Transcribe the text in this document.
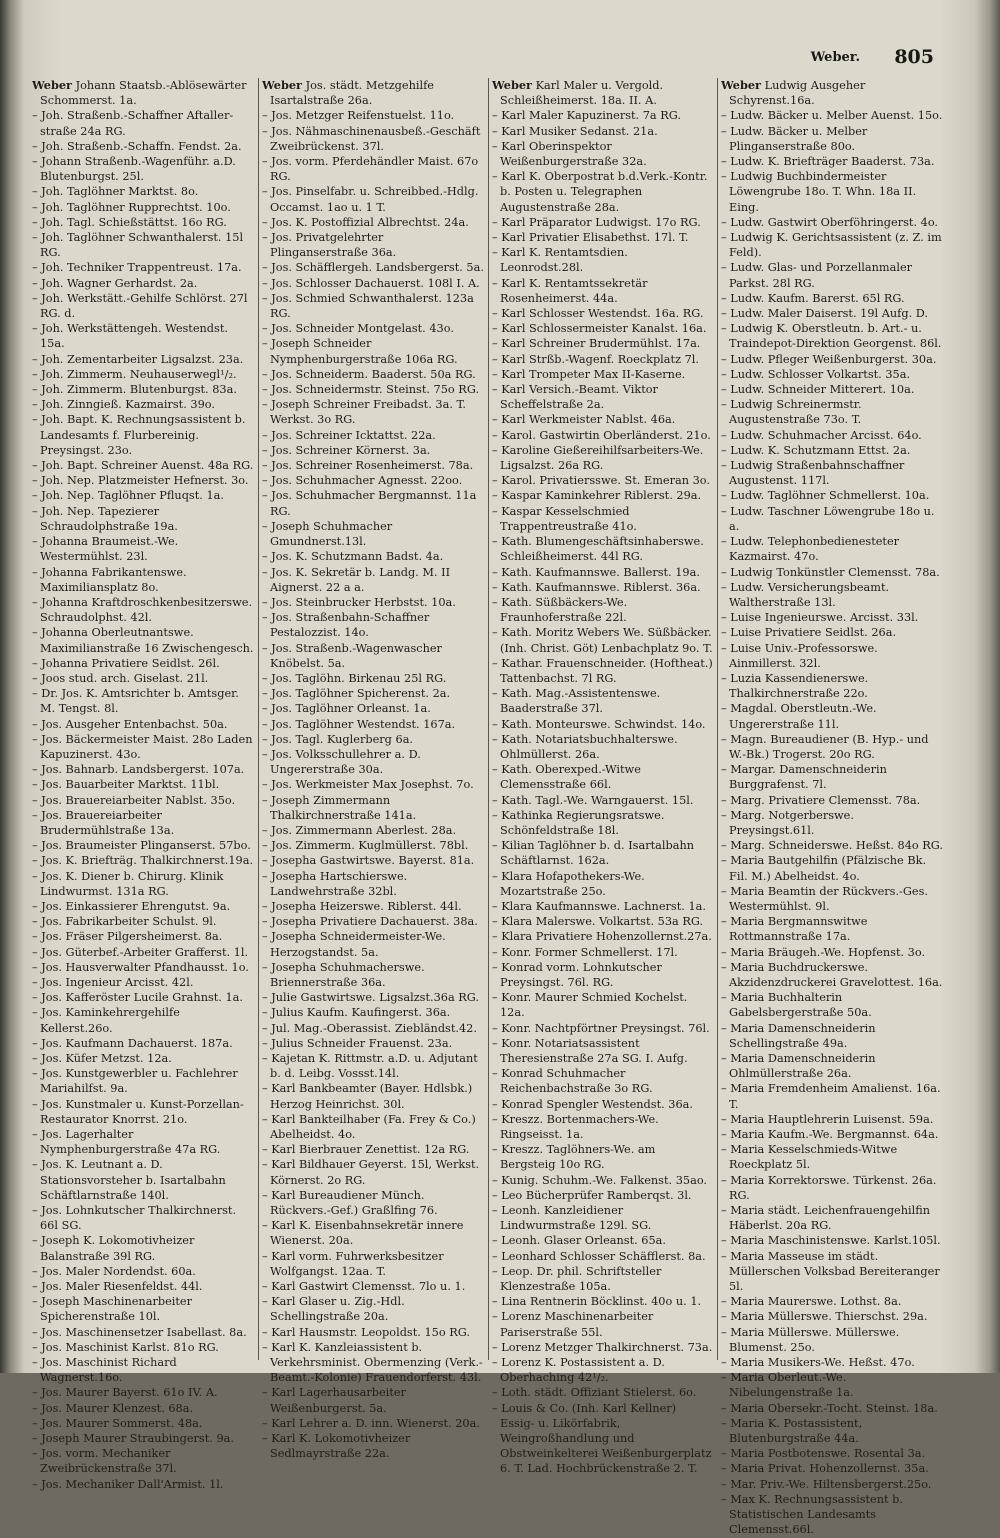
Weber. 805

Weber Johann Staatsb.-Ablösewärter Schommerst. 1a.

– Joh. Straßenb.-Schaffner Aftaller-straße 24a RG.

– Joh. Straßenb.-Schaffn. Fendst. 2a.

– Johann Straßenb.-Wagenführ. a.D. Blutenburgst. 25l.

– Joh. Taglöhner Marktst. 8o.

– Joh. Taglöhner Rupprechtst. 10o.

– Joh. Tagl. Schießstättst. 16o RG.

– Joh. Taglöhner Schwanthalerst. 15l RG.

– Joh. Techniker Trappentreust. 17a.

– Joh. Wagner Gerhardst. 2a.

– Joh. Werkstätt.-Gehilfe Schlörst. 27l RG. d.

– Joh. Werkstättengeh. Westendst. 15a.

– Joh. Zementarbeiter Ligsalzst. 23a.

– Joh. Zimmerm. Neuhauserwegl¹/₂.

– Joh. Zimmerm. Blutenburgst. 83a.

– Joh. Zinngieß. Kazmairst. 39o.

– Joh. Bapt. K. Rechnungsassistent b. Landesamts f. Flurbereinig. Preysingst. 23o.

– Joh. Bapt. Schreiner Auenst. 48a RG.

– Joh. Nep. Platzmeister Hefnerst. 3o.

– Joh. Nep. Taglöhner Pfluqst. 1a.

– Joh. Nep. Tapezierer Schraudolphstraße 19a.

– Johanna Braumeist.-We. Westermühlst. 23l.

– Johanna Fabrikantenswe. Maximiliansplatz 8o.

– Johanna Kraftdroschkenbesitzerswe. Schraudolphst. 42l.

– Johanna Oberleutnantswe. Maximilianstraße 16 Zwischengesch.

– Johanna Privatiere Seidlst. 26l.

– Joos stud. arch. Giselast. 21l.

– Dr. Jos. K. Amtsrichter b. Amtsger. M. Tengst. 8l.

– Jos. Ausgeher Entenbachst. 50a.

– Jos. Bäckermeister Maist. 28o Laden Kapuzinerst. 43o.

– Jos. Bahnarb. Landsbergerst. 107a.

– Jos. Bauarbeiter Marktst. 11bl.

– Jos. Brauereiarbeiter Nablst. 35o.

– Jos. Brauereiarbeiter Brudermühlstraße 13a.

– Jos. Braumeister Plinganserst. 57bo.

– Jos. K. Briefträg. Thalkirchnerst.19a.

– Jos. K. Diener b. Chirurg. Klinik Lindwurmst. 131a RG.

– Jos. Einkassierer Ehrengutst. 9a.

– Jos. Fabrikarbeiter Schulst. 9l.

– Jos. Fräser Pilgersheimerst. 8a.

– Jos. Güterbef.-Arbeiter Grafferst. 1l.

– Jos. Hausverwalter Pfandhausst. 1o.

– Jos. Ingenieur Arcisst. 42l.

– Jos. Kafferöster Lucile Grahnst. 1a.

– Jos. Kaminkehrergehilfe Kellerst.26o.

– Jos. Kaufmann Dachauerst. 187a.

– Jos. Küfer Metzst. 12a.

– Jos. Kunstgewerbler u. Fachlehrer Mariahilfst. 9a.

– Jos. Kunstmaler u. Kunst-Porzellan-Restaurator Knorrst. 21o.

– Jos. Lagerhalter Nymphenburgerstraße 47a RG.

– Jos. K. Leutnant a. D. Stationsvorsteher b. Isartalbahn Schäftlarnstraße 140l.

– Jos. Lohnkutscher Thalkirchnerst. 66l SG.

– Joseph K. Lokomotivheizer Balanstraße 39l RG.

– Jos. Maler Nordendst. 60a.

– Jos. Maler Riesenfeldst. 44l.

– Joseph Maschinenarbeiter Spicherenstraße 10l.

– Jos. Maschinensetzer Isabellast. 8a.

– Jos. Maschinist Karlst. 81o RG.

– Jos. Maschinist Richard Wagnerst.16o.

– Jos. Maurer Bayerst. 61o IV. A.

– Jos. Maurer Klenzest. 68a.

– Jos. Maurer Sommerst. 48a.

– Joseph Maurer Straubingerst. 9a.

– Jos. vorm. Mechaniker Zweibrückenstraße 37l.

– Jos. Mechaniker Dall'Armist. 1l.

Weber Jos. städt. Metzgehilfe Isartalstraße 26a.

– Jos. Metzger Reifenstuelst. 11o.

– Jos. Nähmaschinenausbeß.-Geschäft Zweibrückenst. 37l.

– Jos. vorm. Pferdehändler Maist. 67o RG.

– Jos. Pinselfabr. u. Schreibbed.-Hdlg. Occamst. 1ao u. 1 T.

– Jos. K. Postoffizial Albrechtst. 24a.

– Jos. Privatgelehrter Plinganserstraße 36a.

– Jos. Schäfflergeh. Landsbergerst. 5a.

– Jos. Schlosser Dachauerst. 108l I. A.

– Jos. Schmied Schwanthalerst. 123a RG.

– Jos. Schneider Montgelast. 43o.

– Joseph Schneider Nymphenburgerstraße 106a RG.

– Jos. Schneiderm. Baaderst. 50a RG.

– Jos. Schneidermstr. Steinst. 75o RG.

– Joseph Schreiner Freibadst. 3a. T. Werkst. 3o RG.

– Jos. Schreiner Icktattst. 22a.

– Jos. Schreiner Körnerst. 3a.

– Jos. Schreiner Rosenheimerst. 78a.

– Jos. Schuhmacher Agnesst. 22oo.

– Jos. Schuhmacher Bergmannst. 11a RG.

– Joseph Schuhmacher Gmundnerst.13l.

– Jos. K. Schutzmann Badst. 4a.

– Jos. K. Sekretär b. Landg. M. II Aignerst. 22 a a.

– Jos. Steinbrucker Herbstst. 10a.

– Jos. Straßenbahn-Schaffner Pestalozzist. 14o.

– Jos. Straßenb.-Wagenwascher Knöbelst. 5a.

– Jos. Taglöhn. Birkenau 25l RG.

– Jos. Taglöhner Spicherenst. 2a.

– Jos. Taglöhner Orleanst. 1a.

– Jos. Taglöhner Westendst. 167a.

– Jos. Tagl. Kuglerberg 6a.

– Jos. Volksschullehrer a. D. Ungererstraße 30a.

– Jos. Werkmeister Max Josephst. 7o.

– Joseph Zimmermann Thalkirchnerstraße 141a.

– Jos. Zimmermann Aberlest. 28a.

– Jos. Zimmerm. Kuglmüllerst. 78bl.

– Josepha Gastwirtswe. Bayerst. 81a.

– Josepha Hartschierswe. Landwehrstraße 32bl.

– Josepha Heizerswe. Riblerst. 44l.

– Josepha Privatiere Dachauerst. 38a.

– Josepha Schneidermeister-We. Herzogstandst. 5a.

– Josepha Schuhmacherswe. Briennerstraße 36a.

– Julie Gastwirtswe. Ligsalzst.36a RG.

– Julius Kaufm. Kaufingerst. 36a.

– Jul. Mag.-Oberassist. Ziebländst.42.

– Julius Schneider Frauenst. 23a.

– Kajetan K. Rittmstr. a.D. u. Adjutant b. d. Leibg. Vossst.14l.

– Karl Bankbeamter (Bayer. Hdlsbk.) Herzog Heinrichst. 30l.

– Karl Bankteilhaber (Fa. Frey & Co.) Abelheidst. 4o.

– Karl Bierbrauer Zenettist. 12a RG.

– Karl Bildhauer Geyerst. 15l, Werkst. Körnerst. 2o RG.

– Karl Bureaudiener Münch. Rückvers.-Gef.) Graßlfing 76.

– Karl K. Eisenbahnsekretär innere Wienerst. 20a.

– Karl vorm. Fuhrwerksbesitzer Wolfgangst. 12aa. T.

– Karl Gastwirt Clemensst. 7lo u. 1.

– Karl Glaser u. Zig.-Hdl. Schellingstraße 20a.

– Karl Hausmstr. Leopoldst. 15o RG.

– Karl K. Kanzleiassistent b. Verkehrsminist. Obermenzing (Verk.-Beamt.-Kolonie) Frauendorferst. 43l.

– Karl Lagerhausarbeiter Weißenburgerst. 5a.

– Karl Lehrer a. D. inn. Wienerst. 20a.

– Karl K. Lokomotivheizer Sedlmayrstraße 22a.

Weber Karl Maler u. Vergold. Schleißheimerst. 18a. II. A.

– Karl Maler Kapuzinerst. 7a RG.

– Karl Musiker Sedanst. 21a.

– Karl Oberinspektor Weißenburgerstraße 32a.

– Karl K. Oberpostrat b.d.Verk.-Kontr. b. Posten u. Telegraphen Augustenstraße 28a.

– Karl Präparator Ludwigst. 17o RG.

– Karl Privatier Elisabethst. 17l. T.

– Karl K. Rentamtsdien. Leonrodst.28l.

– Karl K. Rentamtssekretär Rosenheimerst. 44a.

– Karl Schlosser Westendst. 16a. RG.

– Karl Schlossermeister Kanalst. 16a.

– Karl Schreiner Brudermühlst. 17a.

– Karl Strßb.-Wagenf. Roeckplatz 7l.

– Karl Trompeter Max II-Kaserne.

– Karl Versich.-Beamt. Viktor Scheffelstraße 2a.

– Karl Werkmeister Nablst. 46a.

– Karol. Gastwirtin Oberländerst. 21o.

– Karoline Gießereihilfsarbeiters-We. Ligsalzst. 26a RG.

– Karol. Privatiersswe. St. Emeran 3o.

– Kaspar Kaminkehrer Riblerst. 29a.

– Kaspar Kesselschmied Trappentreustraße 41o.

– Kath. Blumengeschäftsinhaberswe. Schleißheimerst. 44l RG.

– Kath. Kaufmannswe. Ballerst. 19a.

– Kath. Kaufmannswe. Riblerst. 36a.

– Kath. Süßbäckers-We. Fraunhoferstraße 22l.

– Kath. Moritz Webers We. Süßbäcker. (Inh. Christ. Göt) Lenbachplatz 9o. T.

– Kathar. Frauenschneider. (Hoftheat.) Tattenbachst. 7l RG.

– Kath. Mag.-Assistentenswe. Baaderstraße 37l.

– Kath. Monteurswe. Schwindst. 14o.

– Kath. Notariatsbuchhalterswe. Ohlmüllerst. 26a.

– Kath. Oberexped.-Witwe Clemensstraße 66l.

– Kath. Tagl.-We. Warngauerst. 15l.

– Kathinka Regierungsratswe. Schönfeldstraße 18l.

– Kilian Taglöhner b. d. Isartalbahn Schäftlarnst. 162a.

– Klara Hofapothekers-We. Mozartstraße 25o.

– Klara Kaufmannswe. Lachnerst. 1a.

– Klara Malerswe. Volkartst. 53a RG.

– Klara Privatiere Hohenzollernst.27a.

– Konr. Former Schmellerst. 17l.

– Konrad vorm. Lohnkutscher Preysingst. 76l. RG.

– Konr. Maurer Schmied Kochelst. 12a.

– Konr. Nachtpförtner Preysingst. 76l.

– Konr. Notariatsassistent Theresienstraße 27a SG. I. Aufg.

– Konrad Schuhmacher Reichenbachstraße 3o RG.

– Konrad Spengler Westendst. 36a.

– Kreszz. Bortenmachers-We. Ringseisst. 1a.

– Kreszz. Taglöhners-We. am Bergsteig 10o RG.

– Kunig. Schuhm.-We. Falkenst. 35ao.

– Leo Bücherprüfer Ramberqst. 3l.

– Leonh. Kanzleidiener Lindwurmstraße 129l. SG.

– Leonh. Glaser Orleanst. 65a.

– Leonhard Schlosser Schäfflerst. 8a.

– Leop. Dr. phil. Schriftsteller Klenzestraße 105a.

– Lina Rentnerin Böcklinst. 40o u. 1.

– Lorenz Maschinenarbeiter Pariserstraße 55l.

– Lorenz Metzger Thalkirchnerst. 73a.

– Lorenz K. Postassistent a. D. Oberhaching 42¹/₂.

– Loth. städt. Offiziant Stielerst. 6o.

– Louis & Co. (Inh. Karl Kellner) Essig- u. Likörfabrik, Weingroßhandlung und Obstweinkelterei Weißenburgerplatz 6. T. Lad. Hochbrückenstraße 2. T.

Weber Ludwig Ausgeher Schyrenst.16a.

– Ludw. Bäcker u. Melber Auenst. 15o.

– Ludw. Bäcker u. Melber Plinganserstraße 80o.

– Ludw. K. Briefträger Baaderst. 73a.

– Ludwig Buchbindermeister Löwengrube 18o. T. Whn. 18a II. Eing.

– Ludw. Gastwirt Oberföhringerst. 4o.

– Ludwig K. Gerichtsassistent (z. Z. im Feld).

– Ludw. Glas- und Porzellanmaler Parkst. 28l RG.

– Ludw. Kaufm. Barerst. 65l RG.

– Ludw. Maler Daiserst. 19l Aufg. D.

– Ludwig K. Oberstleutn. b. Art.- u. Traindepot-Direktion Georgenst. 86l.

– Ludw. Pfleger Weißenburgerst. 30a.

– Ludw. Schlosser Volkartst. 35a.

– Ludw. Schneider Mitterert. 10a.

– Ludwig Schreinermstr. Augustenstraße 73o. T.

– Ludw. Schuhmacher Arcisst. 64o.

– Ludw. K. Schutzmann Ettst. 2a.

– Ludwig Straßenbahnschaffner Augustenst. 117l.

– Ludw. Taglöhner Schmellerst. 10a.

– Ludw. Taschner Löwengrube 18o u. a.

– Ludw. Telephonbedienesteter Kazmairst. 47o.

– Ludwig Tonkünstler Clemensst. 78a.

– Ludw. Versicherungsbeamt. Waltherstraße 13l.

– Luise Ingenieurswe. Arcisst. 33l.

– Luise Privatiere Seidlst. 26a.

– Luise Univ.-Professorswe. Ainmillerst. 32l.

– Luzia Kassendienerswe. Thalkirchnerstraße 22o.

– Magdal. Oberstleutn.-We. Ungererstraße 11l.

– Magn. Bureaudiener (B. Hyp.- und W.-Bk.) Trogerst. 20o RG.

– Margar. Damenschneiderin Burggrafenst. 7l.

– Marg. Privatiere Clemensst. 78a.

– Marg. Notgerberswe. Preysingst.61l.

– Marg. Schneiderswe. Heßst. 84o RG.

– Maria Bautgehilfin (Pfälzische Bk. Fil. M.) Abelheidst. 4o.

– Maria Beamtin der Rückvers.-Ges. Westermühlst. 9l.

– Maria Bergmannswitwe Rottmannstraße 17a.

– Maria Bräugeh.-We. Hopfenst. 3o.

– Maria Buchdruckerswe. Akzidenzdruckerei Gravelottest. 16a.

– Maria Buchhalterin Gabelsbergerstraße 50a.

– Maria Damenschneiderin Schellingstraße 49a.

– Maria Damenschneiderin Ohlmüllerstraße 26a.

– Maria Fremdenheim Amalienst. 16a. T.

– Maria Hauptlehrerin Luisenst. 59a.

– Maria Kaufm.-We. Bergmannst. 64a.

– Maria Kesselschmieds-Witwe Roeckplatz 5l.

– Maria Korrektorswe. Türkenst. 26a. RG.

– Maria städt. Leichenfrauengehilfin Häberlst. 20a RG.

– Maria Maschinistenswe. Karlst.105l.

– Maria Masseuse im städt. Müllerschen Volksbad Bereiteranger 5l.

– Maria Maurerswe. Lothst. 8a.

– Maria Müllerswe. Thierschst. 29a.

– Maria Müllerswe. Müllerswe. Blumenst. 25o.

– Maria Musikers-We. Heßst. 47o.

– Maria Oberleut.-We. Nibelungenstraße 1a.

– Maria Obersekr.-Tocht. Steinst. 18a.

– Maria K. Postassistent, Blutenburgstraße 44a.

– Maria Postbotenswe. Rosental 3a.

– Maria Privat. Hohenzollernst. 35a.

– Mar. Priv.-We. Hiltensbergerst.25o.

– Max K. Rechnungsassistent b. Statistischen Landesamts Clemensst.66l.
